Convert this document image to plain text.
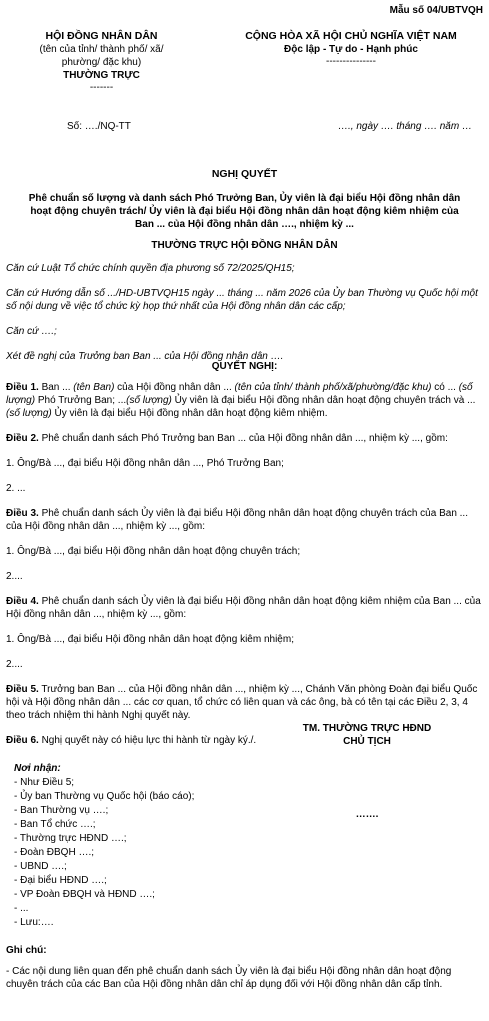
Mẫu số 04/UBTVQH
HỘI ĐỒNG NHÂN DÂN
(tên của tỉnh/ thành phố/ xã/
phường/ đặc khu)
THƯỜNG TRỰC
-------
CỘNG HÒA XÃ HỘI CHỦ NGHĨA VIỆT NAM
Độc lập - Tự do - Hạnh phúc
---------------
Số: …./NQ-TT	…., ngày …. tháng …. năm …
NGHỊ QUYẾT
Phê chuẩn số lượng và danh sách Phó Trưởng Ban, Ủy viên là đại biểu Hội đồng nhân dân
hoạt động chuyên trách/ Ủy viên là đại biểu Hội đồng nhân dân hoạt động kiêm nhiệm của
Ban ... của Hội đồng nhân dân …., nhiệm kỳ ...
THƯỜNG TRỰC HỘI ĐỒNG NHÂN DÂN

Căn cứ Luật Tổ chức chính quyền địa phương số 72/2025/QH15;

Căn cứ Hướng dẫn số .../HD-UBTVQH15 ngày ... tháng ... năm 2026 của Ủy ban Thường vụ Quốc hội một số nội dung về việc tổ chức kỳ họp thứ nhất của Hội đồng nhân dân các cấp;

Căn cứ ….;

Xét đề nghị của Trưởng ban Ban ... của Hội đồng nhân dân ….

QUYẾT NGHỊ:

Điều 1. Ban ... (tên Ban) của Hội đồng nhân dân ... (tên của tỉnh/ thành phố/xã/phường/đặc khu) có ... (số lượng) Phó Trưởng Ban; ...(số lượng) Ủy viên là đại biểu Hội đồng nhân dân hoạt động chuyên trách và ... (số lượng) Ủy viên là đại biểu Hội đồng nhân dân hoạt động kiêm nhiệm.

Điều 2. Phê chuẩn danh sách Phó Trưởng ban Ban ... của Hội đồng nhân dân ..., nhiệm kỳ ..., gồm:

1. Ông/Bà ..., đại biểu Hội đồng nhân dân ..., Phó Trưởng Ban;

2. ...

Điều 3. Phê chuẩn danh sách Ủy viên là đại biểu Hội đồng nhân dân hoạt động chuyên trách của Ban ... của Hội đồng nhân dân ..., nhiệm kỳ ..., gồm:

1. Ông/Bà ..., đại biểu Hội đồng nhân dân hoạt động chuyên trách;

2....

Điều 4. Phê chuẩn danh sách Ủy viên là đại biểu Hội đồng nhân dân hoạt động kiêm nhiệm của Ban ... của Hội đồng nhân dân ..., nhiệm kỳ ..., gồm:

1. Ông/Bà ..., đại biểu Hội đồng nhân dân hoạt động kiêm nhiệm;

2....

Điều 5. Trưởng ban Ban ... của Hội đồng nhân dân ..., nhiệm kỳ ..., Chánh Văn phòng Đoàn đại biểu Quốc hội và Hội đồng nhân dân ... các cơ quan, tổ chức có liên quan và các ông, bà có tên tại các Điều 2, 3, 4 theo trách nhiệm thi hành Nghị quyết này.

Điều 6. Nghị quyết này có hiệu lực thi hành từ ngày ký./.

TM. THƯỜNG TRỰC HĐND
CHỦ TỊCH
…….
Nơi nhận:
- Như Điều 5;
- Ủy ban Thường vụ Quốc hội (báo cáo);
- Ban Thường vụ ….;
- Ban Tổ chức ….;
- Thường trực HĐND ….;
- Đoàn ĐBQH ….;
- UBND ….;
- Đại biểu HĐND ….;
- VP Đoàn ĐBQH và HĐND ….;
- ...
- Lưu:….
Ghi chú:
- Các nội dung liên quan đến phê chuẩn danh sách Ủy viên là đại biểu Hội đồng nhân dân hoạt động chuyên trách của các Ban của Hội đồng nhân dân chỉ áp dụng đối với Hội đồng nhân dân cấp tỉnh.
